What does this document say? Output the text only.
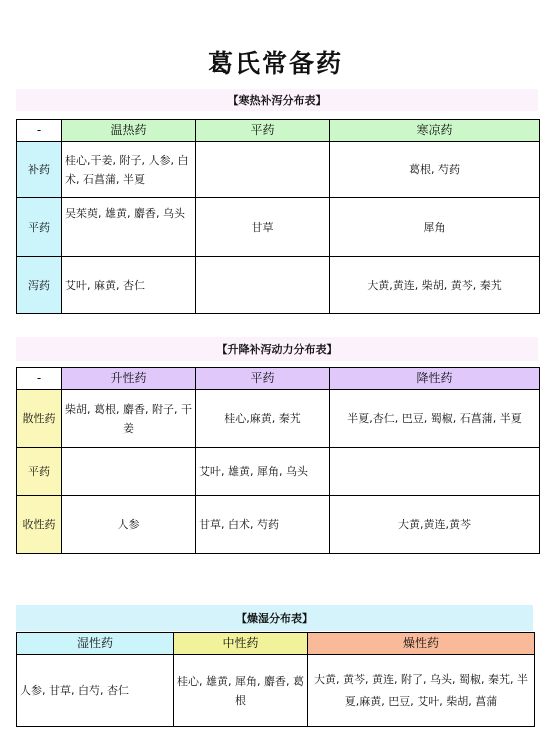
葛氏常备药
【寒热补泻分布表】
-	温热药	平药	寒凉药
补药	桂心,干姜, 附子, 人参, 白术, 石菖蒲, 半夏		葛根, 芍药
平药	吴茱萸, 雄黄, 麝香, 乌头	甘草	犀角
泻药	艾叶, 麻黄, 杏仁		大黄,黄连, 柴胡, 黄芩, 秦艽
【升降补泻动力分布表】
-	升性药	平药	降性药
散性药	柴胡, 葛根, 麝香, 附子, 干姜	桂心,麻黄, 秦艽	半夏,杏仁, 巴豆, 蜀椒, 石菖蒲, 半夏
平药		艾叶, 雄黄, 犀角, 乌头	
收性药	人参	甘草, 白术, 芍药	大黄,黄连,黄芩
【燥湿分布表】
湿性药	中性药	燥性药
人参, 甘草, 白芍, 杏仁	桂心, 雄黄, 犀角, 麝香, 葛根	大黄, 黄芩, 黄连, 附了, 乌头, 蜀椒, 秦艽, 半夏,麻黄, 巴豆, 艾叶, 柴胡, 菖蒲
